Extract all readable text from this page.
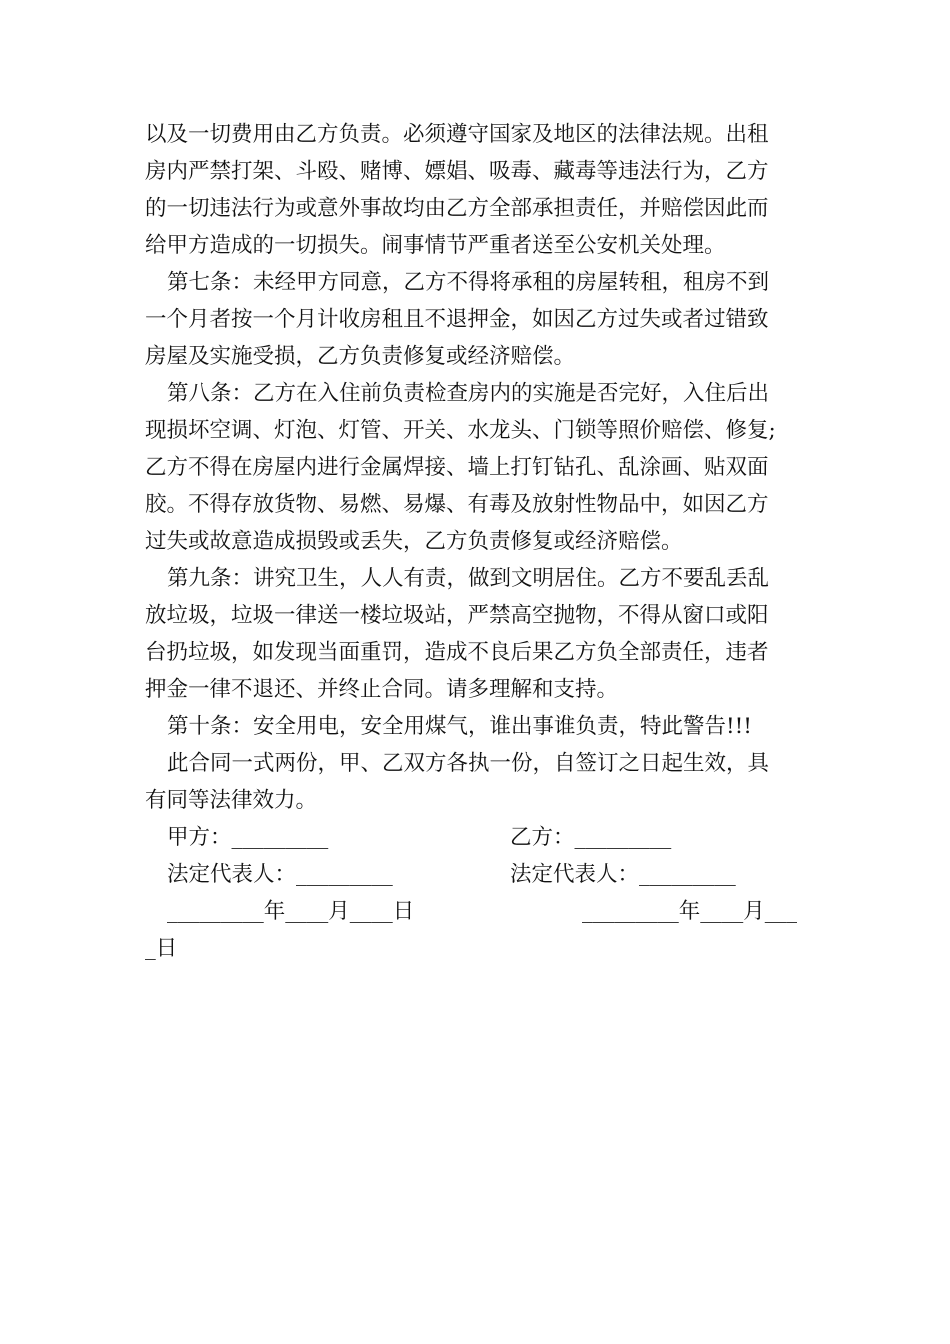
以及一切费用由乙方负责。必须遵守国家及地区的法律法规。出租
房内严禁打架、斗殴、赌博、嫖娼、吸毒、藏毒等违法行为，乙方
的一切违法行为或意外事故均由乙方全部承担责任，并赔偿因此而
给甲方造成的一切损失。闹事情节严重者送至公安机关处理。
第七条：未经甲方同意，乙方不得将承租的房屋转租，租房不到
一个月者按一个月计收房租且不退押金，如因乙方过失或者过错致
房屋及实施受损，乙方负责修复或经济赔偿。
第八条：乙方在入住前负责检查房内的实施是否完好，入住后出
现损坏空调、灯泡、灯管、开关、水龙头、门锁等照价赔偿、修复;
乙方不得在房屋内进行金属焊接、墙上打钉钻孔、乱涂画、贴双面
胶。不得存放货物、易燃、易爆、有毒及放射性物品中，如因乙方
过失或故意造成损毁或丢失，乙方负责修复或经济赔偿。
第九条：讲究卫生，人人有责，做到文明居住。乙方不要乱丢乱
放垃圾，垃圾一律送一楼垃圾站，严禁高空抛物，不得从窗口或阳
台扔垃圾，如发现当面重罚，造成不良后果乙方负全部责任，违者
押金一律不退还、并终止合同。请多理解和支持。
第十条：安全用电，安全用煤气，谁出事谁负责，特此警告!!!
此合同一式两份，甲、乙双方各执一份，自签订之日起生效，具
有同等法律效力。
甲方：_________	乙方：_________
法定代表人：_________	法定代表人：_________
_________年____月____日	_________年____月___
_日
